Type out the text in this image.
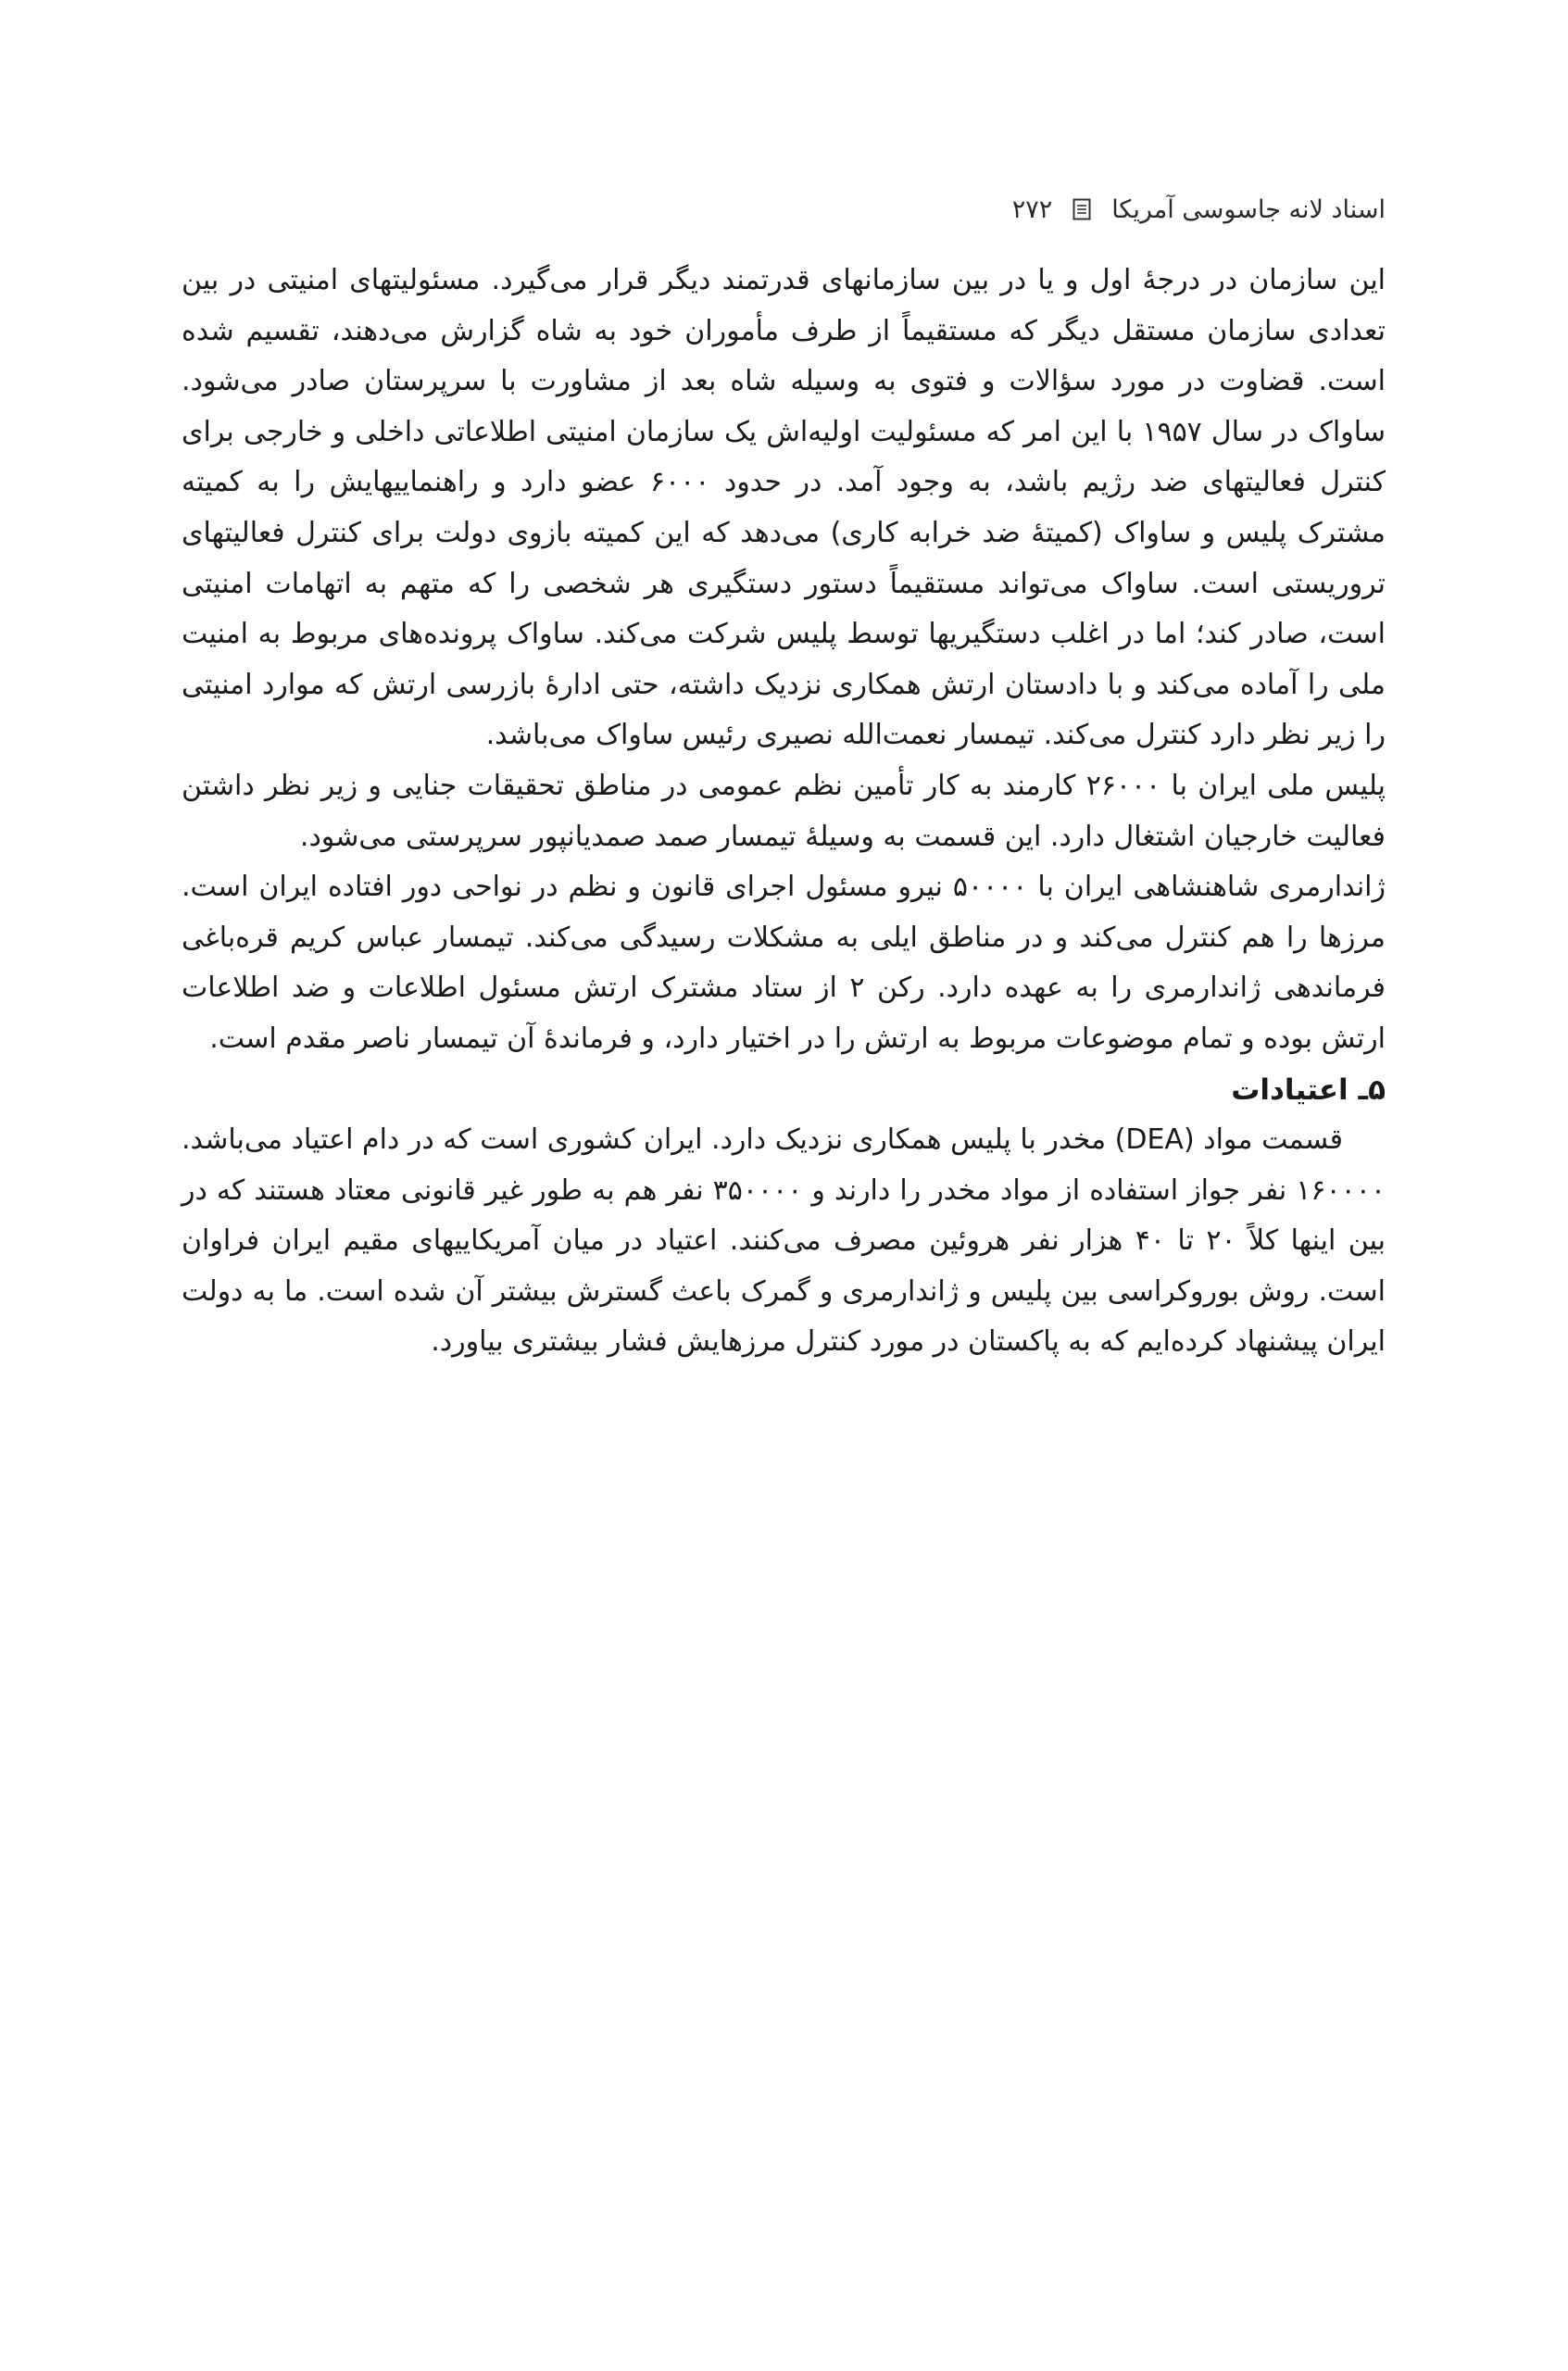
اسناد لانه جاسوسی آمریکا
۲۷۲

این سازمان در درجهٔ اول و یا در بین سازمانهای قدرتمند دیگر قرار می‌گیرد. مسئولیتهای امنیتی در بین تعدادی سازمان مستقل دیگر که مستقیماً از طرف مأموران خود به شاه گزارش می‌دهند، تقسیم شده است. قضاوت در مورد سؤالات و فتوی به وسیله شاه بعد از مشاورت با سرپرستان صادر می‌شود. ساواک در سال ۱۹۵۷ با این امر که مسئولیت اولیه‌اش یک سازمان امنیتی اطلاعاتی داخلی و خارجی برای کنترل فعالیتهای ضد رژیم باشد، به وجود آمد. در حدود ۶۰۰۰ عضو دارد و راهنماییهایش را به کمیته مشترک پلیس و ساواک (کمیتهٔ ضد خرابه کاری) می‌دهد که این کمیته بازوی دولت برای کنترل فعالیتهای تروریستی است. ساواک می‌تواند مستقیماً دستور دستگیری هر شخصی را که متهم به اتهامات امنیتی است، صادر کند؛ اما در اغلب دستگیریها توسط پلیس شرکت می‌کند. ساواک پرونده‌های مربوط به امنیت ملی را آماده می‌کند و با دادستان ارتش همکاری نزدیک داشته، حتی ادارهٔ بازرسی ارتش که موارد امنیتی را زیر نظر دارد کنترل می‌کند. تیمسار نعمت‌الله نصیری رئیس ساواک می‌باشد.

پلیس ملی ایران با ۲۶۰۰۰ کارمند به کار تأمین نظم عمومی در مناطق تحقیقات جنایی و زیر نظر داشتن فعالیت خارجیان اشتغال دارد. این قسمت به وسیلهٔ تیمسار صمد صمدیانپور سرپرستی می‌شود.

ژاندارمری شاهنشاهی ایران با ۵۰۰۰۰ نیرو مسئول اجرای قانون و نظم در نواحی دور افتاده ایران است. مرزها را هم کنترل می‌کند و در مناطق ایلی به مشکلات رسیدگی می‌کند. تیمسار عباس کریم قره‌باغی فرماندهی ژاندارمری را به عهده دارد. رکن ۲ از ستاد مشترک ارتش مسئول اطلاعات و ضد اطلاعات ارتش بوده و تمام موضوعات مربوط به ارتش را در اختیار دارد، و فرماندهٔ آن تیمسار ناصر مقدم است.

۵ـ اعتیادات

قسمت مواد (DEA) مخدر با پلیس همکاری نزدیک دارد. ایران کشوری است که در دام اعتیاد می‌باشد. ۱۶۰۰۰۰ نفر جواز استفاده از مواد مخدر را دارند و ۳۵۰۰۰۰ نفر هم به طور غیر قانونی معتاد هستند که در بین اینها کلاً ۲۰ تا ۴۰ هزار نفر هروئین مصرف می‌کنند. اعتیاد در میان آمریکاییهای مقیم ایران فراوان است. روش بوروکراسی بین پلیس و ژاندارمری و گمرک باعث گسترش بیشتر آن شده است. ما به دولت ایران پیشنهاد کرده‌ایم که به پاکستان در مورد کنترل مرزهایش فشار بیشتری بیاورد.
